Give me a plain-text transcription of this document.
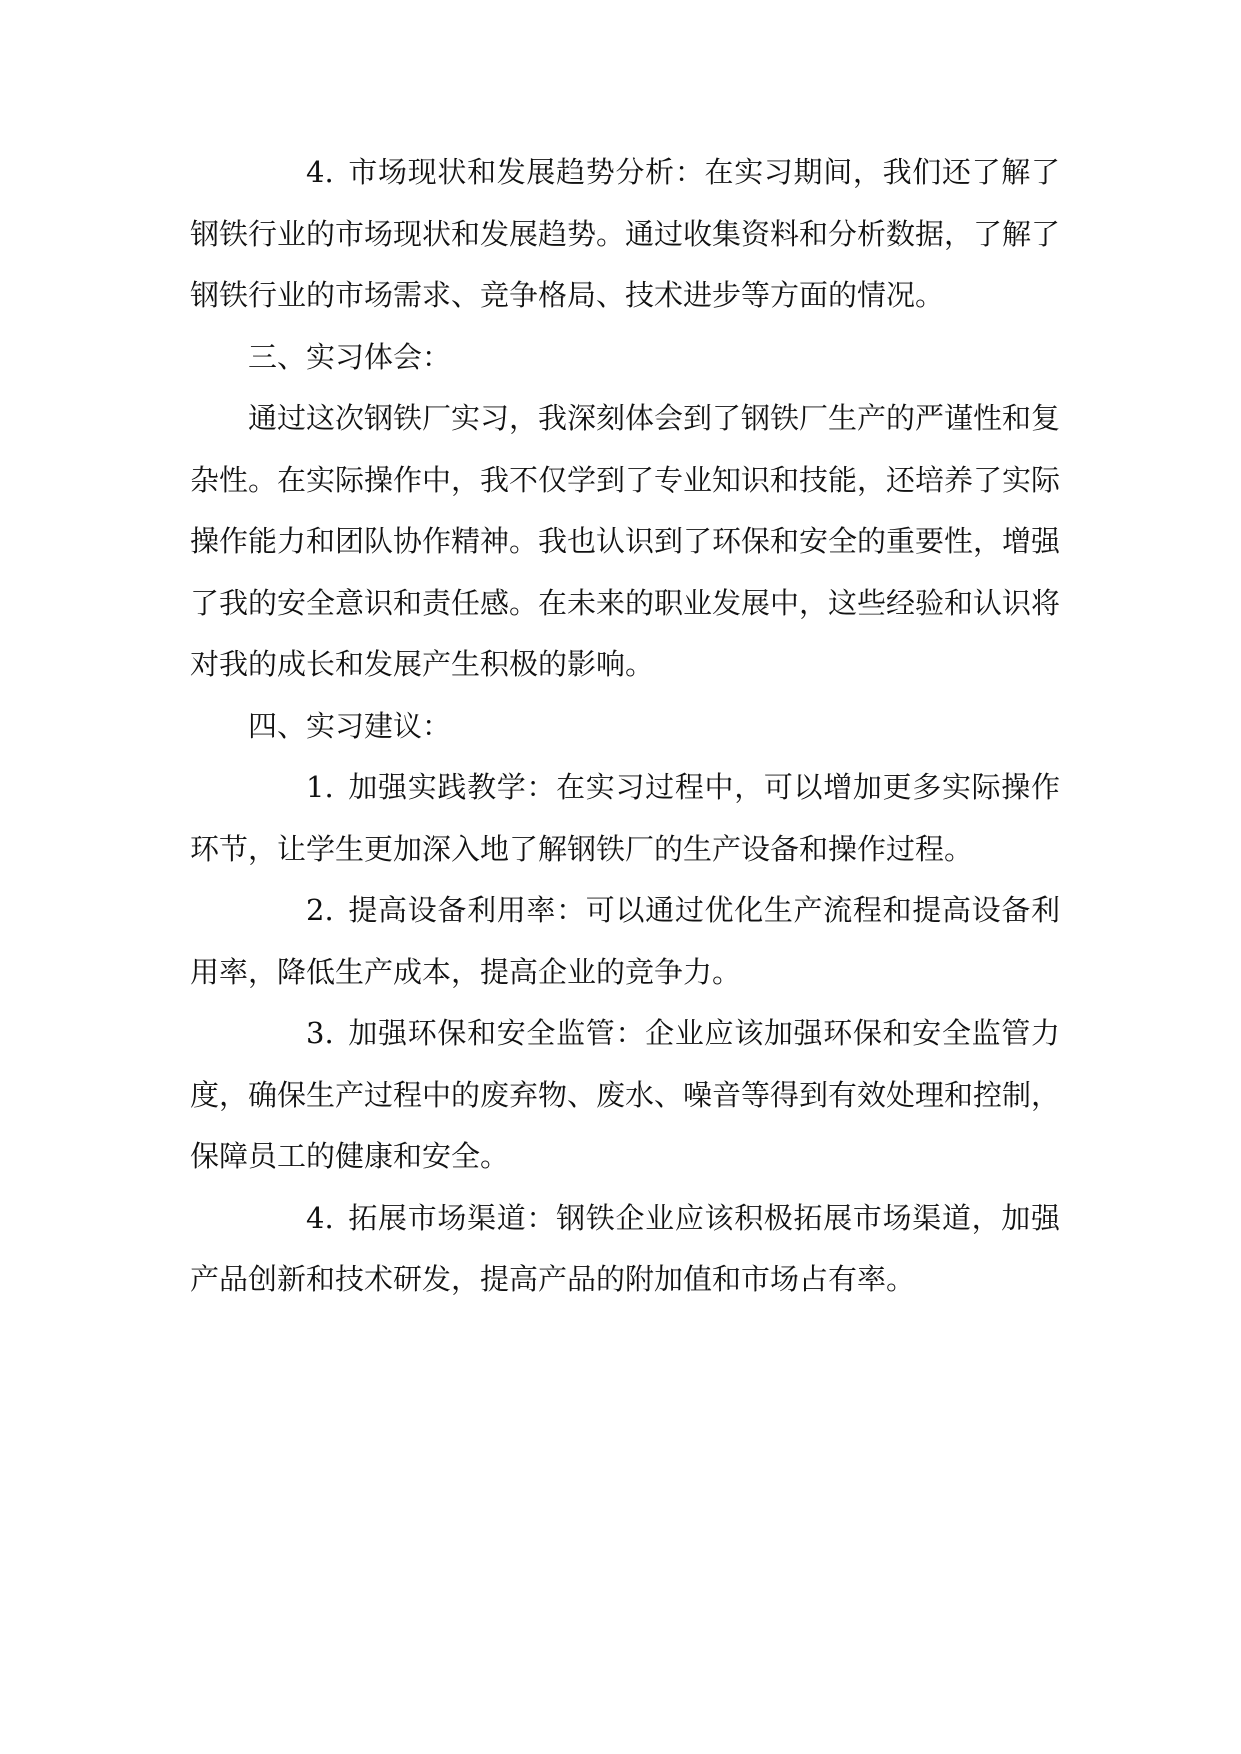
4. 市场现状和发展趋势分析：在实习期间，我们还了解了钢铁行业的市场现状和发展趋势。通过收集资料和分析数据，了解了钢铁行业的市场需求、竞争格局、技术进步等方面的情况。

三、实习体会：

通过这次钢铁厂实习，我深刻体会到了钢铁厂生产的严谨性和复杂性。在实际操作中，我不仅学到了专业知识和技能，还培养了实际操作能力和团队协作精神。我也认识到了环保和安全的重要性，增强了我的安全意识和责任感。在未来的职业发展中，这些经验和认识将对我的成长和发展产生积极的影响。

四、实习建议：

1. 加强实践教学：在实习过程中，可以增加更多实际操作环节，让学生更加深入地了解钢铁厂的生产设备和操作过程。

2. 提高设备利用率：可以通过优化生产流程和提高设备利用率，降低生产成本，提高企业的竞争力。

3. 加强环保和安全监管：企业应该加强环保和安全监管力度，确保生产过程中的废弃物、废水、噪音等得到有效处理和控制，保障员工的健康和安全。

4. 拓展市场渠道：钢铁企业应该积极拓展市场渠道，加强产品创新和技术研发，提高产品的附加值和市场占有率。
